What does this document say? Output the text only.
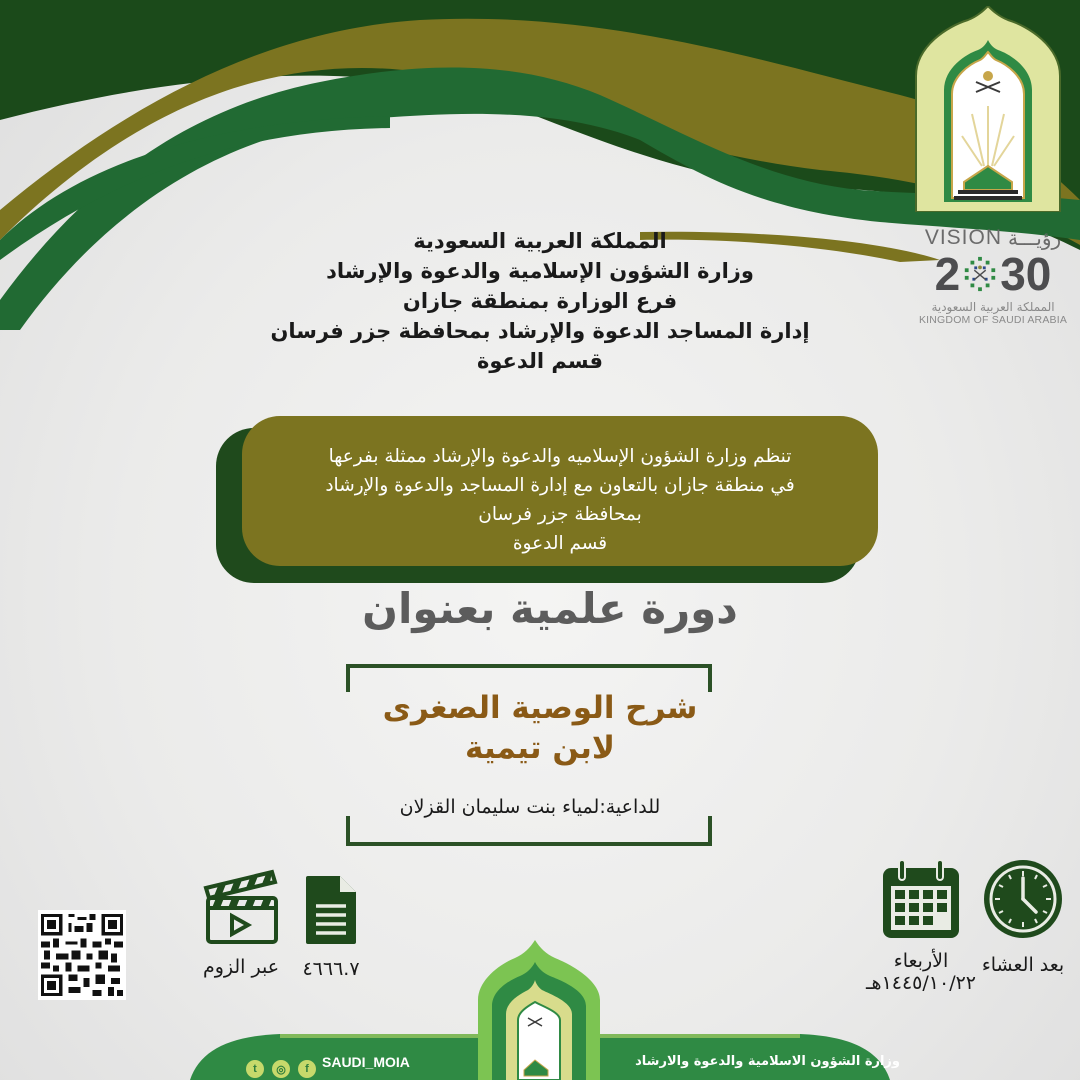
VISION رؤيـــة
2 30
المملكة العربية السعودية
KINGDOM OF SAUDI ARABIA
المملكة العربية السعودية
وزارة الشؤون الإسلامية والدعوة والإرشاد
فرع الوزارة بمنطقة جازان
إدارة المساجد الدعوة والإرشاد بمحافظة جزر فرسان
قسم الدعوة
تنظم وزارة الشؤون الإسلاميه والدعوة والإرشاد ممثلة بفرعها
في منطقة جازان بالتعاون مع إدارة المساجد والدعوة والإرشاد
بمحافظة جزر فرسان
قسم الدعوة
دورة علمية بعنوان
شرح الوصية الصغرى
لابن تيمية
للداعية:لمياء بنت سليمان القزلان
بعد العشاء
الأربعاء
١٤٤٥/١٠/٢٢هـ
٤٦٦٦.٧
عبر الزوم
t	◎	f SAUDI_MOIA	وزارة الشؤون الاسلامية والدعوة والارشاد
